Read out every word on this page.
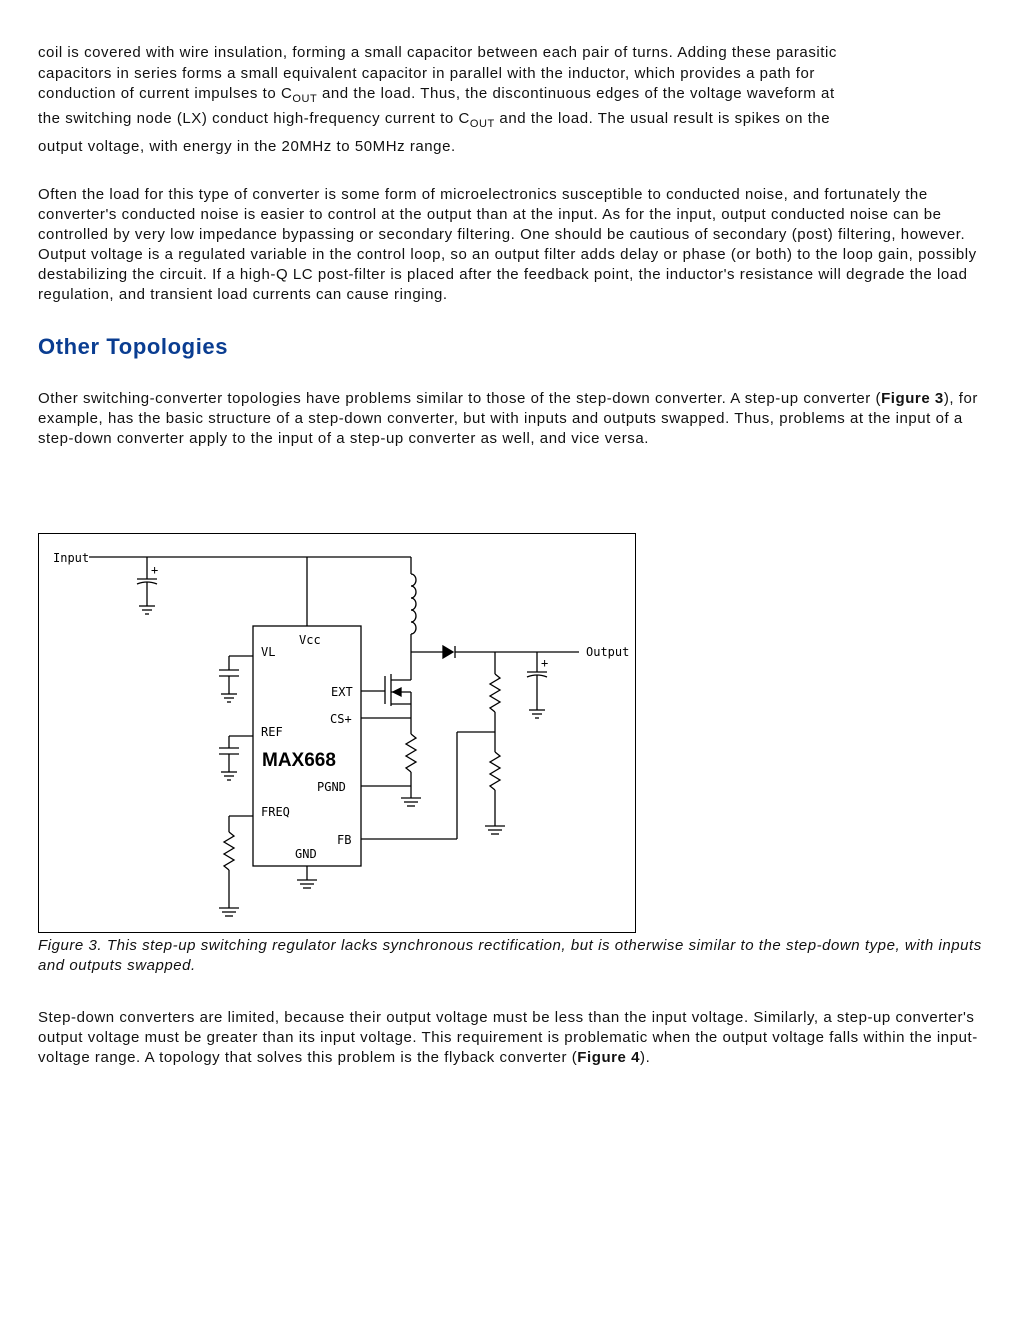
coil is covered with wire insulation, forming a small capacitor between each pair of turns. Adding these parasitic
capacitors in series forms a small equivalent capacitor in parallel with the inductor, which provides a path for
conduction of current impulses to $C_{OUT}$ and the load. Thus, the discontinuous edges of the voltage waveform at
the switching node (LX) conduct high-frequency current to $C_{OUT}$ and the load. The usual result is spikes on the
output voltage, with energy in the 20MHz to 50MHz range.

Often the load for this type of converter is some form of microelectronics susceptible to conducted noise, and fortunately the converter's conducted noise is easier to control at the output than at the input. As for the input, output conducted noise can be controlled by very low impedance bypassing or secondary filtering. One should be cautious of secondary (post) filtering, however. Output voltage is a regulated variable in the control loop, so an output filter adds delay or phase (or both) to the loop gain, possibly destabilizing the circuit. If a high-Q LC post-filter is placed after the feedback point, the inductor's resistance will degrade the load regulation, and transient load currents can cause ringing.

Other Topologies

Other switching-converter topologies have problems similar to those of the step-down converter. A step-up converter (Figure 3), for example, has the basic structure of a step-down converter, but with inputs and outputs swapped. Thus, problems at the input of a step-down converter apply to the input of a step-up converter as well, and vice versa.

Input
+
Output
+
Vcc
VL
EXT
CS+
REF
MAX668
PGND
FREQ
FB
GND

Figure 3. This step-up switching regulator lacks synchronous rectification, but is otherwise similar to the step-down type, with inputs and outputs swapped.

Step-down converters are limited, because their output voltage must be less than the input voltage. Similarly, a step-up converter's output voltage must be greater than its input voltage. This requirement is problematic when the output voltage falls within the input-voltage range. A topology that solves this problem is the flyback converter (Figure 4).
